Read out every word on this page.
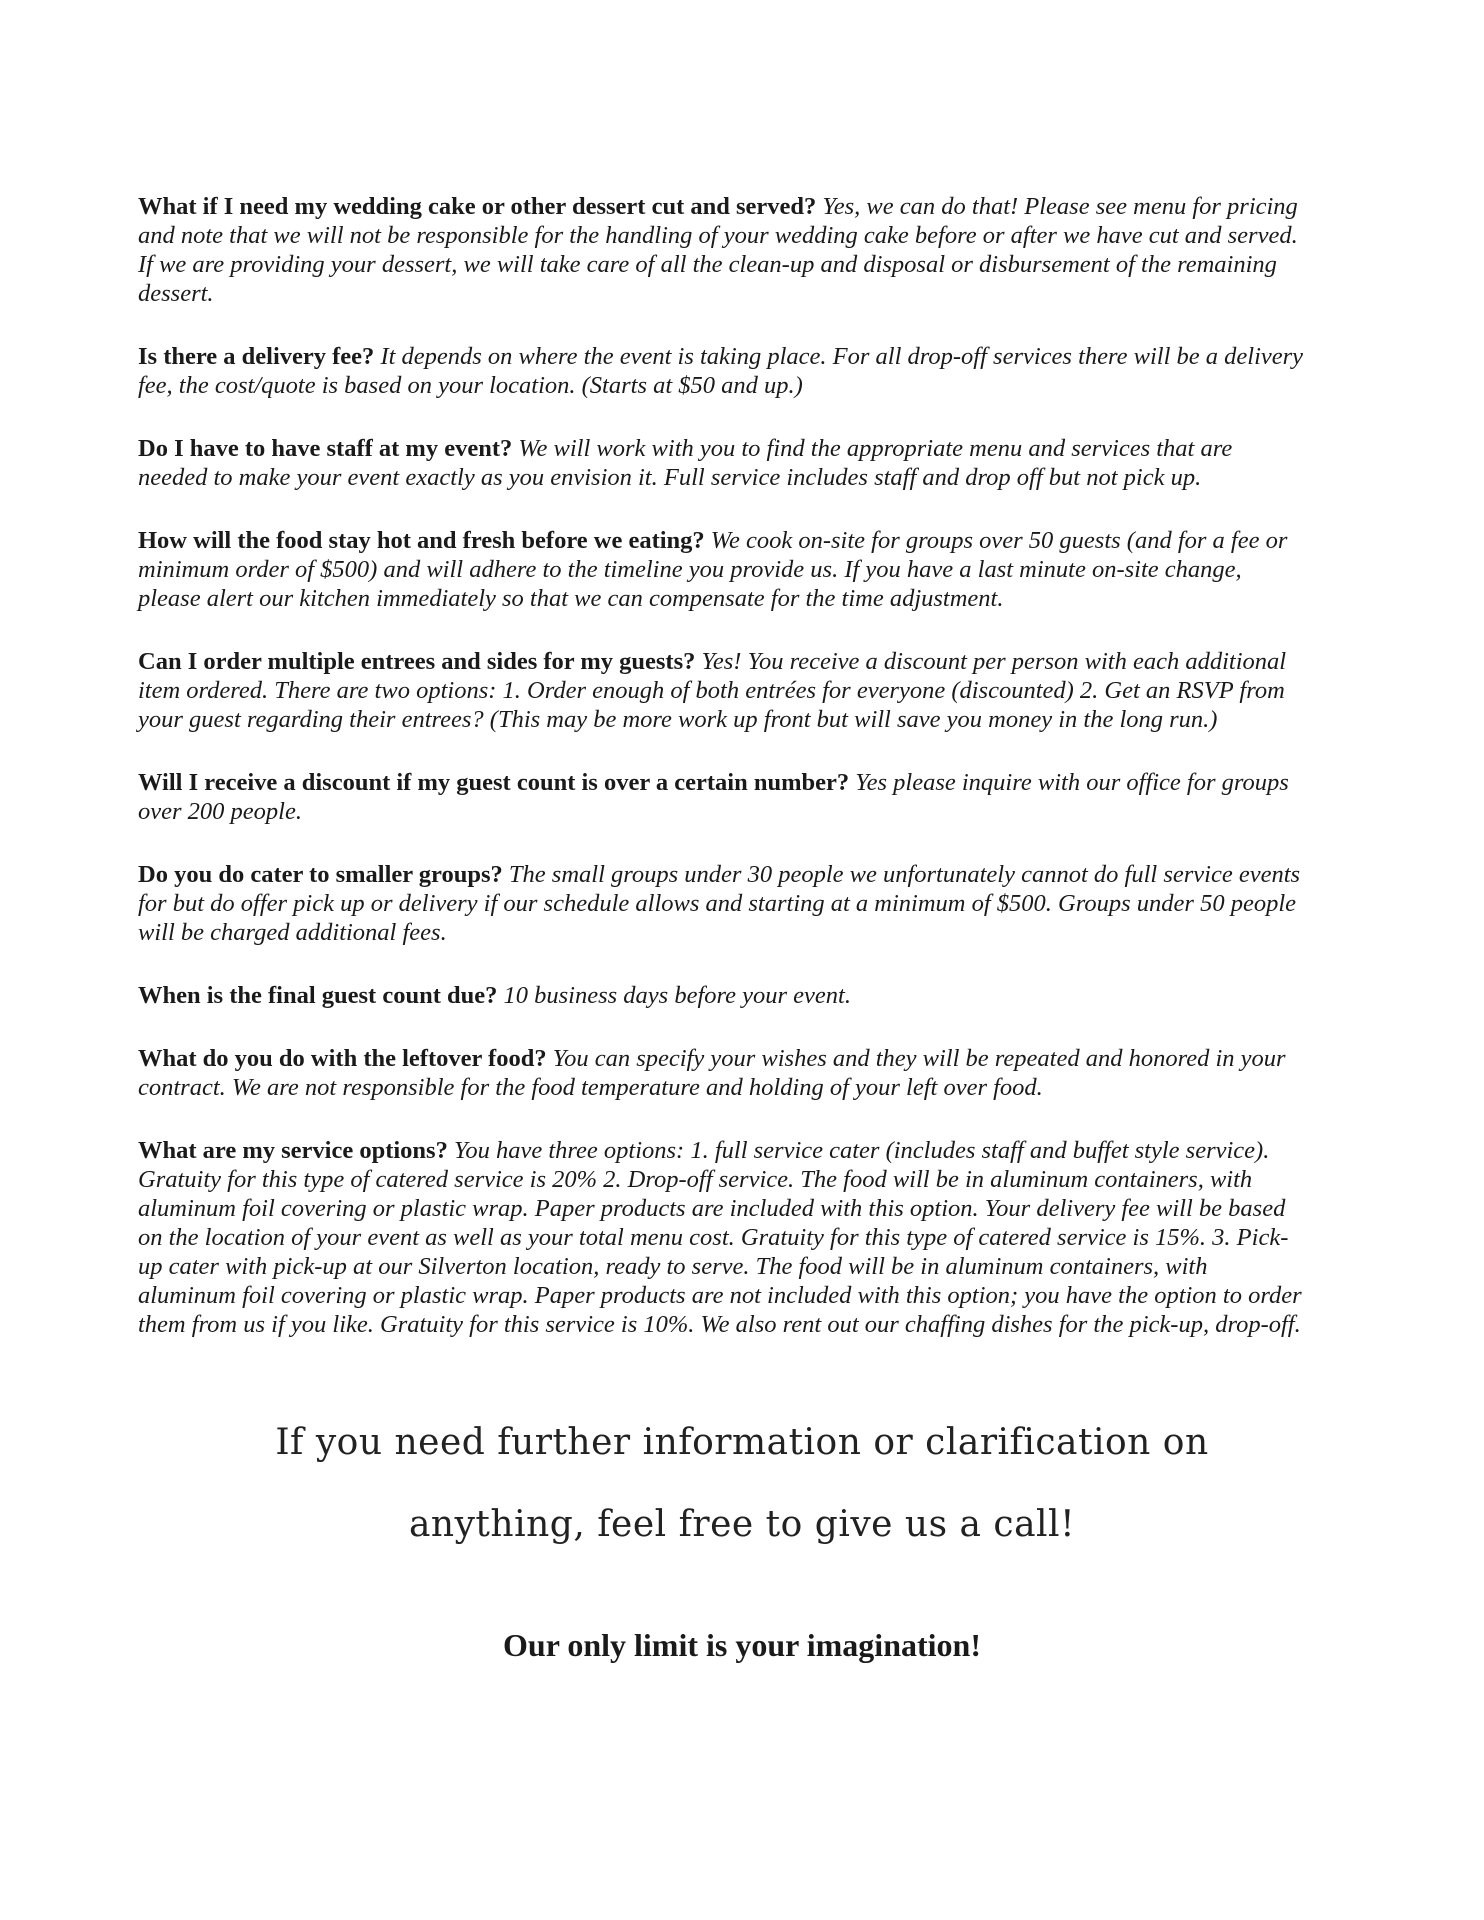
What if I need my wedding cake or other dessert cut and served? Yes, we can do that! Please see menu for pricing and note that we will not be responsible for the handling of your wedding cake before or after we have cut and served. If we are providing your dessert, we will take care of all the clean-up and disposal or disbursement of the remaining dessert.

Is there a delivery fee? It depends on where the event is taking place. For all drop-off services there will be a delivery fee, the cost/quote is based on your location. (Starts at $50 and up.)

Do I have to have staff at my event? We will work with you to find the appropriate menu and services that are needed to make your event exactly as you envision it. Full service includes staff and drop off but not pick up.

How will the food stay hot and fresh before we eating? We cook on-site for groups over 50 guests (and for a fee or minimum order of $500) and will adhere to the timeline you provide us. If you have a last minute on-site change, please alert our kitchen immediately so that we can compensate for the time adjustment.

Can I order multiple entrees and sides for my guests? Yes! You receive a discount per person with each additional item ordered. There are two options: 1. Order enough of both entrées for everyone (discounted) 2. Get an RSVP from your guest regarding their entrees? (This may be more work up front but will save you money in the long run.)

Will I receive a discount if my guest count is over a certain number? Yes please inquire with our office for groups over 200 people.

Do you do cater to smaller groups? The small groups under 30 people we unfortunately cannot do full service events for but do offer pick up or delivery if our schedule allows and starting at a minimum of $500. Groups under 50 people will be charged additional fees.

When is the final guest count due? 10 business days before your event.

What do you do with the leftover food? You can specify your wishes and they will be repeated and honored in your contract. We are not responsible for the food temperature and holding of your left over food.

What are my service options? You have three options: 1. full service cater (includes staff and buffet style service). Gratuity for this type of catered service is 20% 2. Drop-off service. The food will be in aluminum containers, with aluminum foil covering or plastic wrap. Paper products are included with this option. Your delivery fee will be based on the location of your event as well as your total menu cost. Gratuity for this type of catered service is 15%. 3. Pick-up cater with pick-up at our Silverton location, ready to serve. The food will be in aluminum containers, with aluminum foil covering or plastic wrap. Paper products are not included with this option; you have the option to order them from us if you like. Gratuity for this service is 10%. We also rent out our chaffing dishes for the pick-up, drop-off.

If you need further information or clarification on
anything, feel free to give us a call!
Our only limit is your imagination!
